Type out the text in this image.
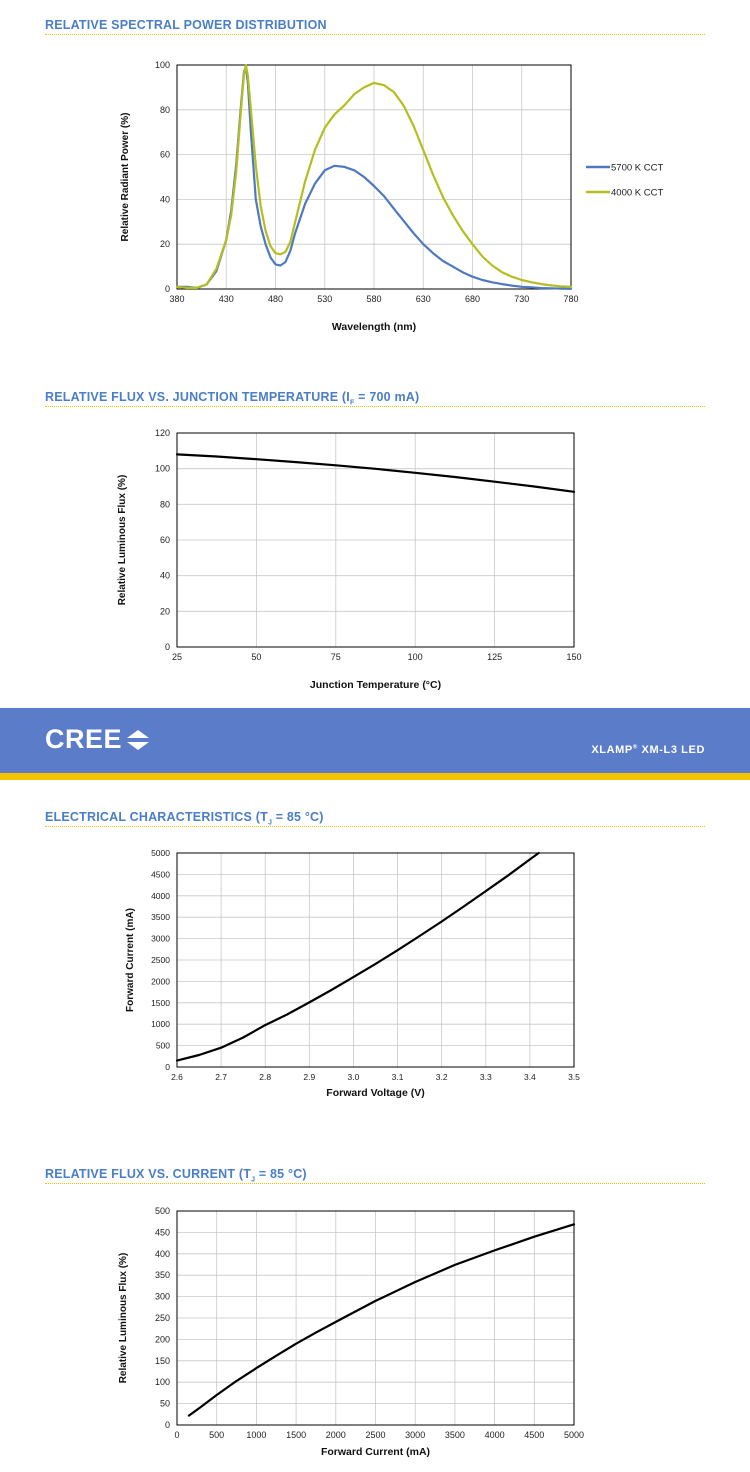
RELATIVE SPECTRAL POWER DISTRIBUTION
380	430	480	530	580	630	680	730	780
0
20
40
60
80
100
Wavelength (nm)
Relative Radiant Power (%)	5700 K CCT
4000 K CCT
RELATIVE FLUX VS. JUNCTION TEMPERATURE ($I_F = 700$ mA)
25	50	75	100	125	150
0
20
40
60
80
100
120
Junction Temperature (°C)
Relative Luminous Flux (%)
CREE	XLAMP® XM-L3 LED
ELECTRICAL CHARACTERISTICS ($T_J = 85$ °C)
2.6	2.7	2.8	2.9	3.0	3.1	3.2	3.3	3.4	3.5
0
500
1000
1500
2000
2500
3000
3500
4000
4500
5000
Forward Voltage (V)
Forward Current (mA)
RELATIVE FLUX VS. CURRENT ($T_J = 85$ °C)
0	500 1000 1500 2000 2500 3000 3500 4000 4500 5000
0
50
100
150
200
250
300
350
400
450
500
Forward Current (mA)
Relative Luminous Flux (%)
